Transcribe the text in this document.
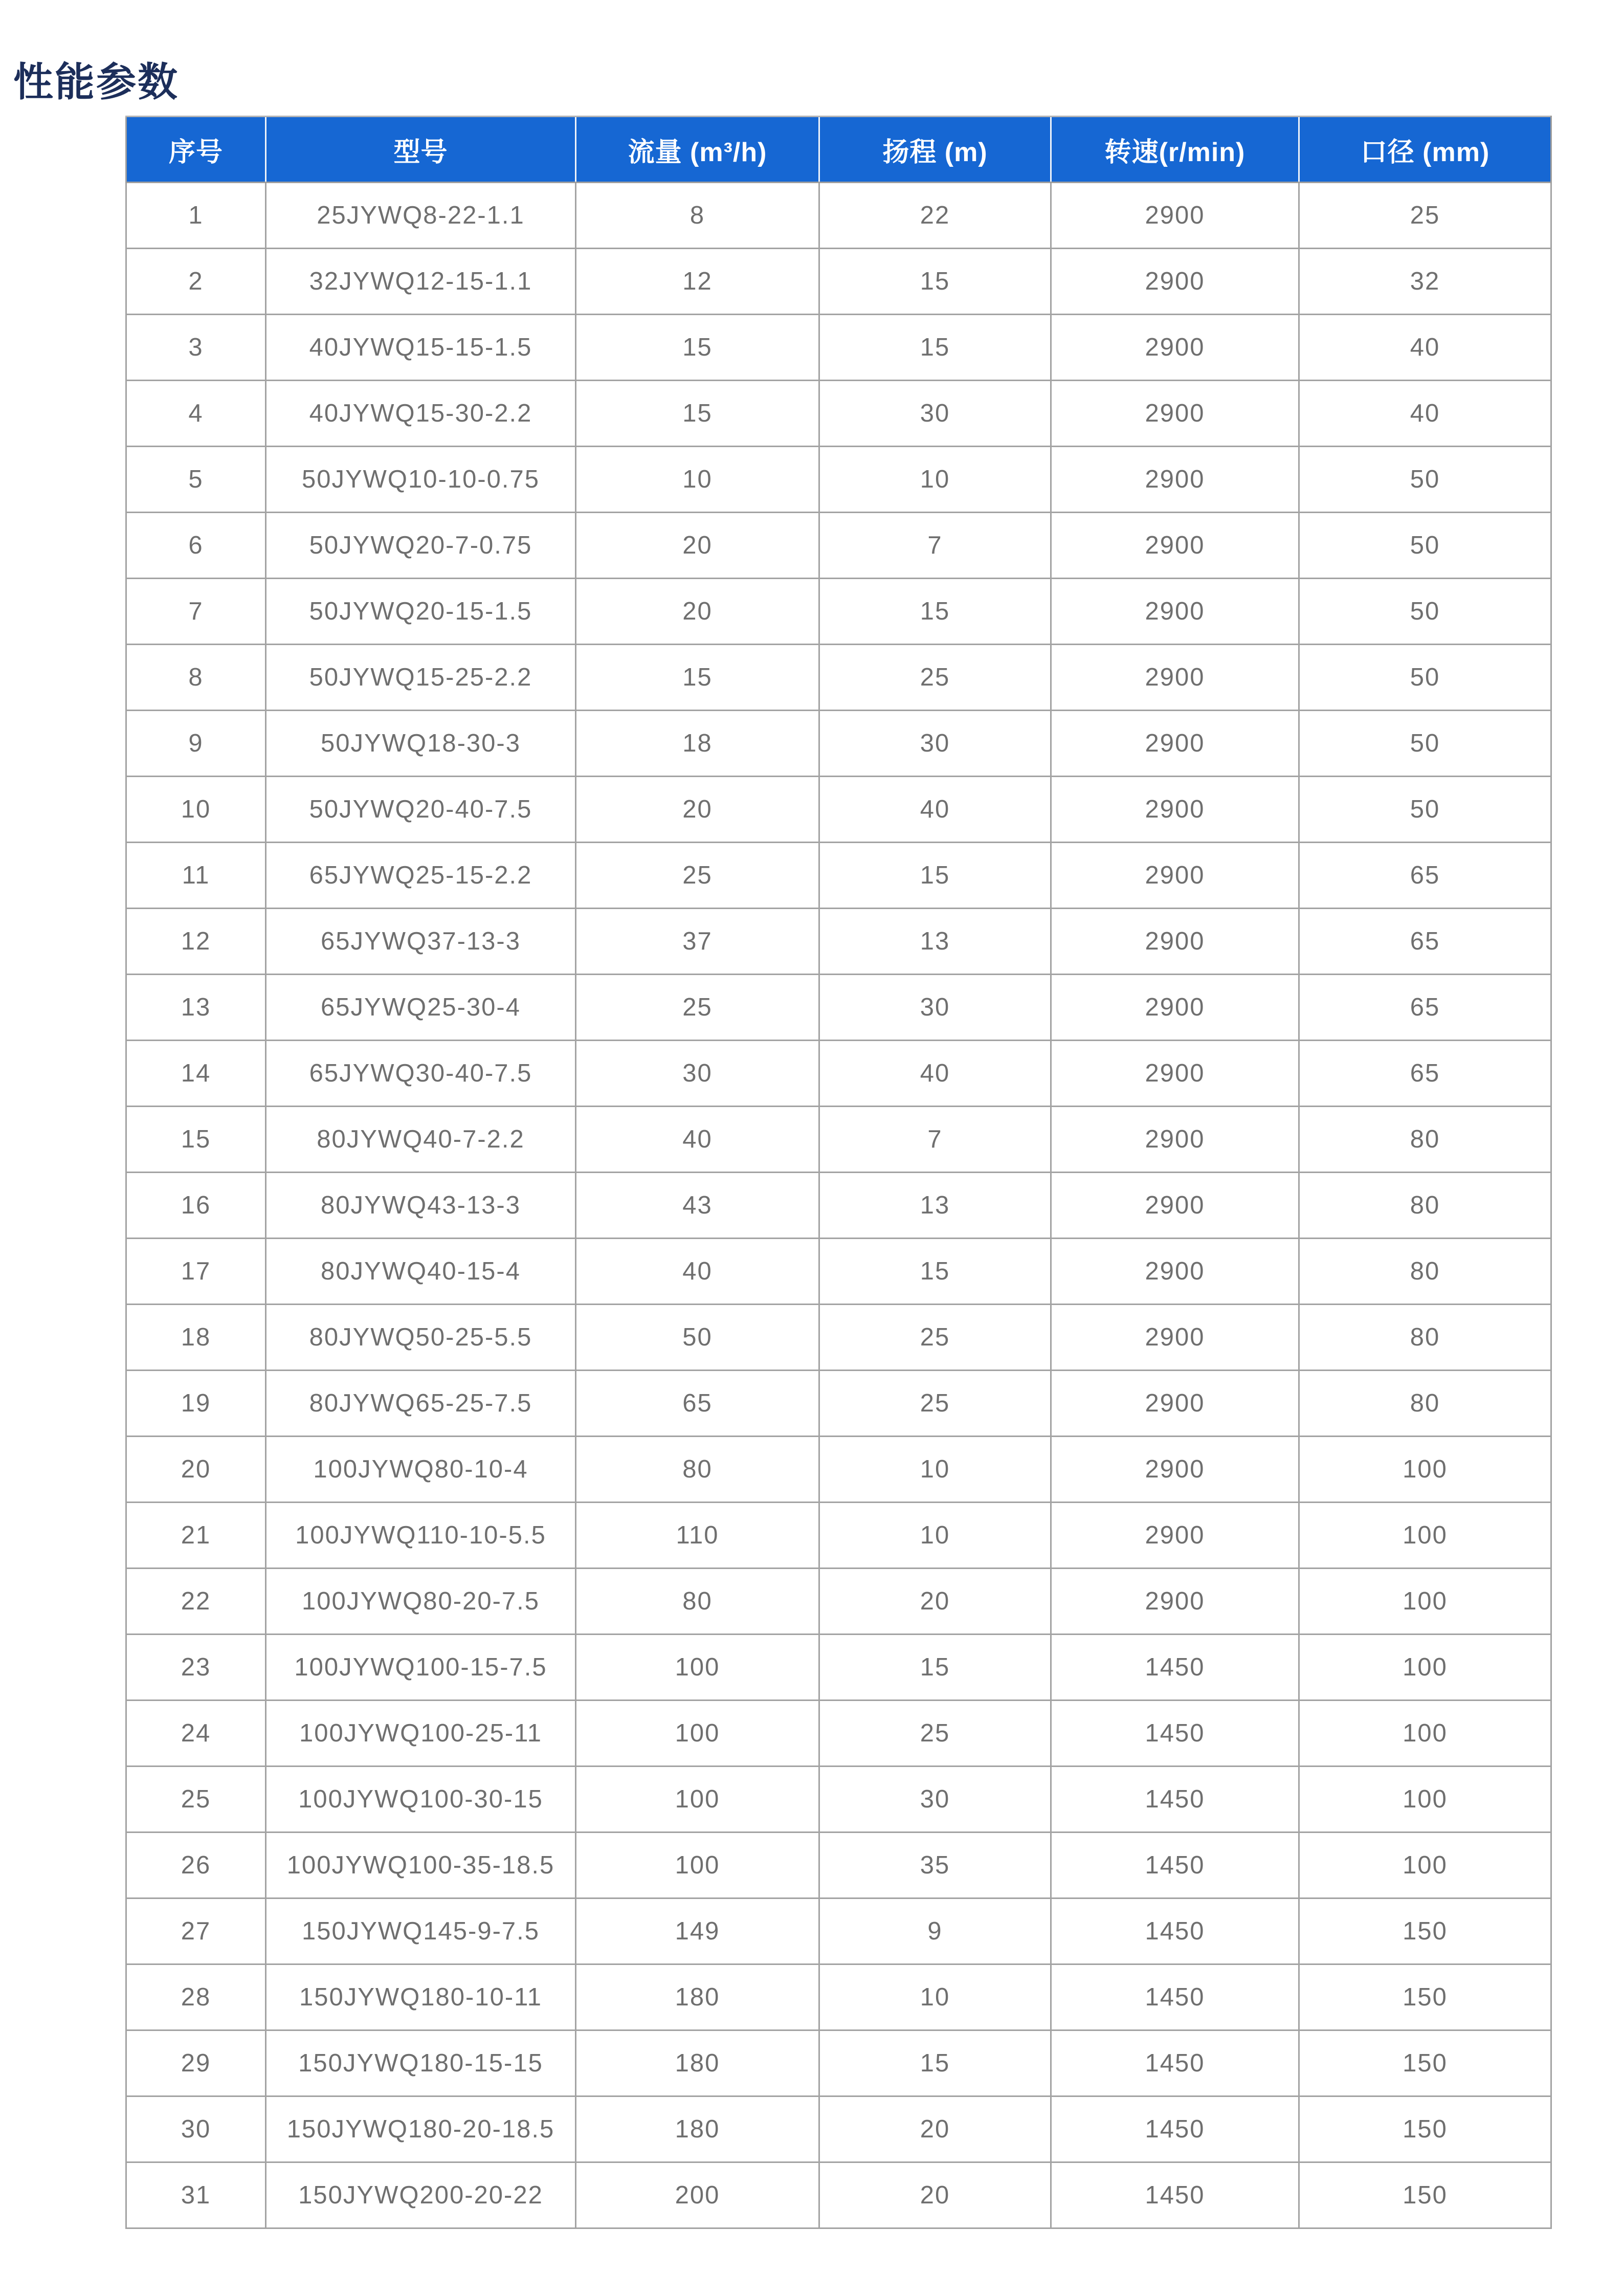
性能参数
序号	型号	流量 (m³/h)	扬程 (m)	转速(r/min)	口径 (mm)
1	25JYWQ8-22-1.1	8	22	2900	25
2	32JYWQ12-15-1.1	12	15	2900	32
3	40JYWQ15-15-1.5	15	15	2900	40
4	40JYWQ15-30-2.2	15	30	2900	40
5	50JYWQ10-10-0.75	10	10	2900	50
6	50JYWQ20-7-0.75	20	7	2900	50
7	50JYWQ20-15-1.5	20	15	2900	50
8	50JYWQ15-25-2.2	15	25	2900	50
9	50JYWQ18-30-3	18	30	2900	50
10	50JYWQ20-40-7.5	20	40	2900	50
11	65JYWQ25-15-2.2	25	15	2900	65
12	65JYWQ37-13-3	37	13	2900	65
13	65JYWQ25-30-4	25	30	2900	65
14	65JYWQ30-40-7.5	30	40	2900	65
15	80JYWQ40-7-2.2	40	7	2900	80
16	80JYWQ43-13-3	43	13	2900	80
17	80JYWQ40-15-4	40	15	2900	80
18	80JYWQ50-25-5.5	50	25	2900	80
19	80JYWQ65-25-7.5	65	25	2900	80
20	100JYWQ80-10-4	80	10	2900	100
21	100JYWQ110-10-5.5	110	10	2900	100
22	100JYWQ80-20-7.5	80	20	2900	100
23	100JYWQ100-15-7.5	100	15	1450	100
24	100JYWQ100-25-11	100	25	1450	100
25	100JYWQ100-30-15	100	30	1450	100
26	100JYWQ100-35-18.5	100	35	1450	100
27	150JYWQ145-9-7.5	149	9	1450	150
28	150JYWQ180-10-11	180	10	1450	150
29	150JYWQ180-15-15	180	15	1450	150
30	150JYWQ180-20-18.5	180	20	1450	150
31	150JYWQ200-20-22	200	20	1450	150
